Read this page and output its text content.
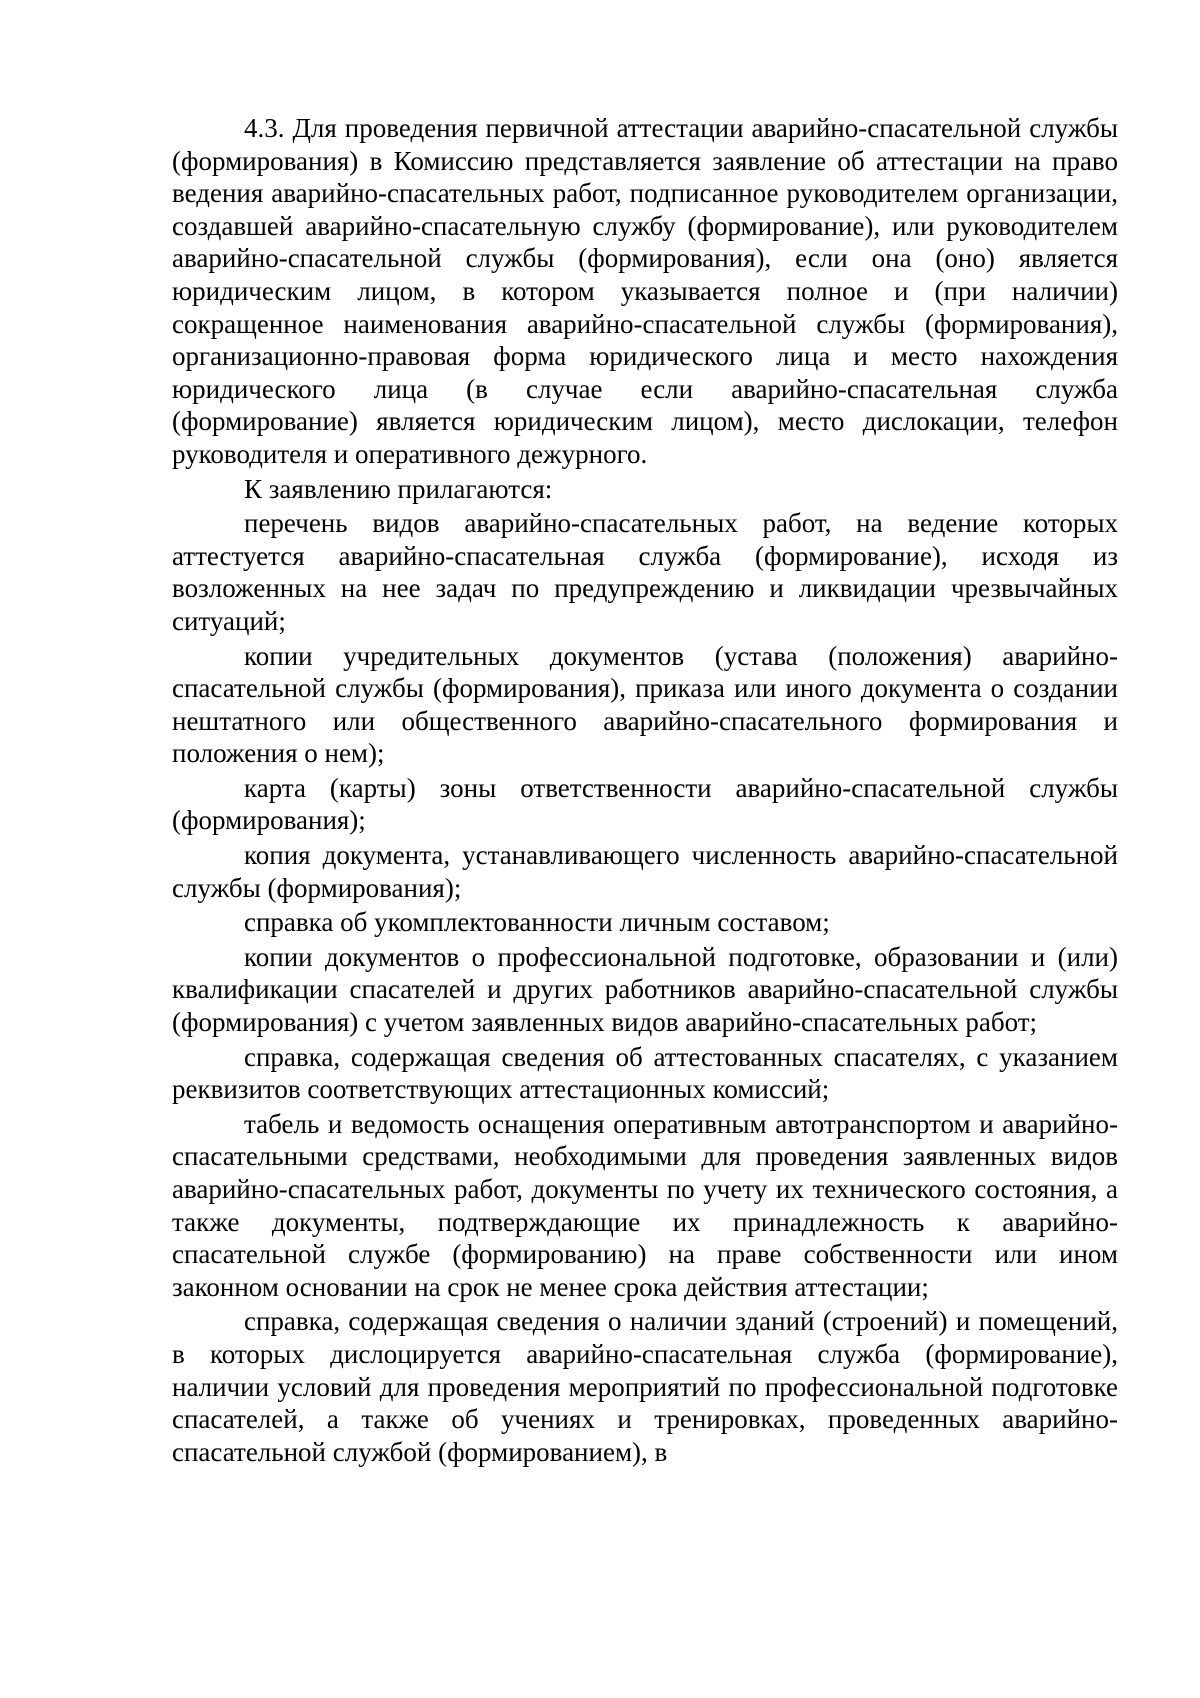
4.3. Для проведения первичной аттестации аварийно-спасательной службы (формирования) в Комиссию представляется заявление об аттестации на право ведения аварийно-спасательных работ, подписанное руководителем организации, создавшей аварийно-спасательную службу (формирование), или руководителем аварийно-спасательной службы (формирования), если она (оно) является юридическим лицом, в котором указывается полное и (при наличии) сокращенное наименования аварийно-спасательной службы (формирования), организационно-правовая форма юридического лица и место нахождения юридического лица (в случае если аварийно-спасательная служба (формирование) является юридическим лицом), место дислокации, телефон руководителя и оперативного дежурного.

К заявлению прилагаются:

перечень видов аварийно-спасательных работ, на ведение которых аттестуется аварийно-спасательная служба (формирование), исходя из возложенных на нее задач по предупреждению и ликвидации чрезвычайных ситуаций;

копии учредительных документов (устава (положения) аварийно-спасательной службы (формирования), приказа или иного документа о создании нештатного или общественного аварийно-спасательного формирования и положения о нем);

карта (карты) зоны ответственности аварийно-спасательной службы (формирования);

копия документа, устанавливающего численность аварийно-спасательной службы (формирования);

справка об укомплектованности личным составом;

копии документов о профессиональной подготовке, образовании и (или) квалификации спасателей и других работников аварийно-спасательной службы (формирования) с учетом заявленных видов аварийно-спасательных работ;

справка, содержащая сведения об аттестованных спасателях, с указанием реквизитов соответствующих аттестационных комиссий;

табель и ведомость оснащения оперативным автотранспортом и аварийно-спасательными средствами, необходимыми для проведения заявленных видов аварийно-спасательных работ, документы по учету их технического состояния, а также документы, подтверждающие их принадлежность к аварийно-спасательной службе (формированию) на праве собственности или ином законном основании на срок не менее срока действия аттестации;

справка, содержащая сведения о наличии зданий (строений) и помещений, в которых дислоцируется аварийно-спасательная служба (формирование), наличии условий для проведения мероприятий по профессиональной подготовке спасателей, а также об учениях и тренировках, проведенных аварийно-спасательной службой (формированием), в
